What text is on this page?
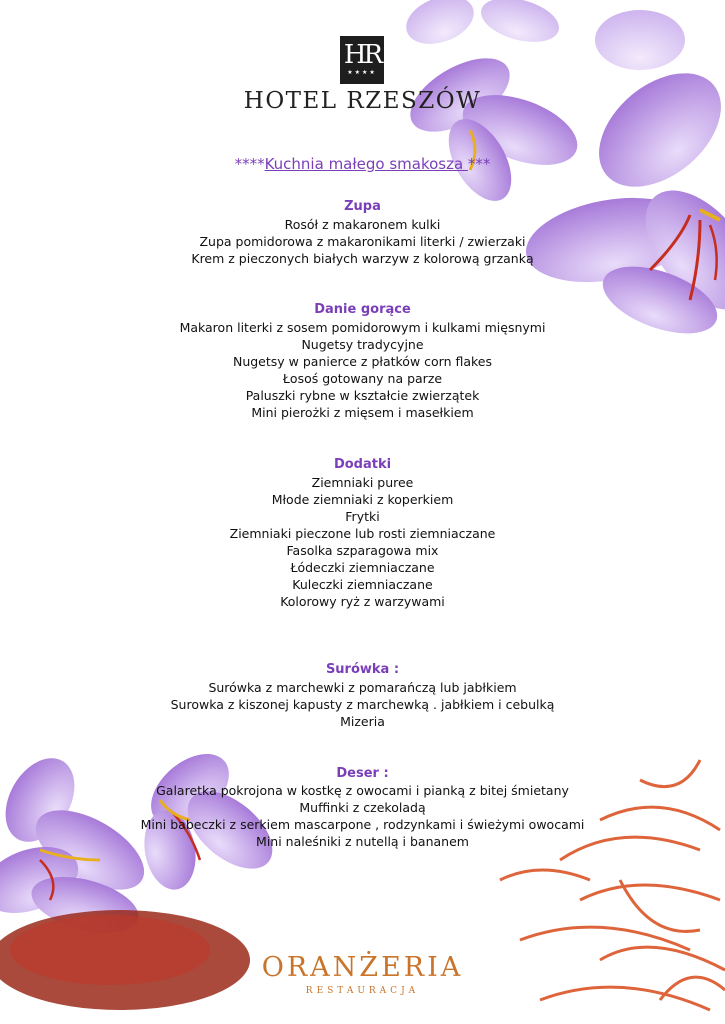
HR
★★★★
HOTEL RZESZÓW
****Kuchnia małego smakosza ***
Zupa
Rosół z makaronem kulki
Zupa pomidorowa z makaronikami literki / zwierzaki
Krem z pieczonych białych warzyw z kolorową grzanką
Danie gorące
Makaron literki z sosem pomidorowym i kulkami mięsnymi
Nugetsy tradycyjne
Nugetsy w panierce z płatków corn flakes
Łosoś gotowany na parze
Paluszki rybne w kształcie zwierzątek
Mini pierożki z mięsem i masełkiem
Dodatki
Ziemniaki puree
Młode ziemniaki z koperkiem
Frytki
Ziemniaki pieczone lub rosti ziemniaczane
Fasolka szparagowa mix
Łódeczki ziemniaczane
Kuleczki ziemniaczane
Kolorowy ryż z warzywami
Surówka :
Surówka z marchewki z pomarańczą lub jabłkiem
Surowka z kiszonej kapusty z marchewką . jabłkiem i cebulką
Mizeria
Deser :
Galaretka pokrojona w kostkę z owocami i pianką z bitej śmietany
Muffinki z czekoladą
Mini babeczki z serkiem mascarpone , rodzynkami i świeżymi owocami
Mini naleśniki z nutellą i bananem
ORANŻERIA
RESTAURACJA
